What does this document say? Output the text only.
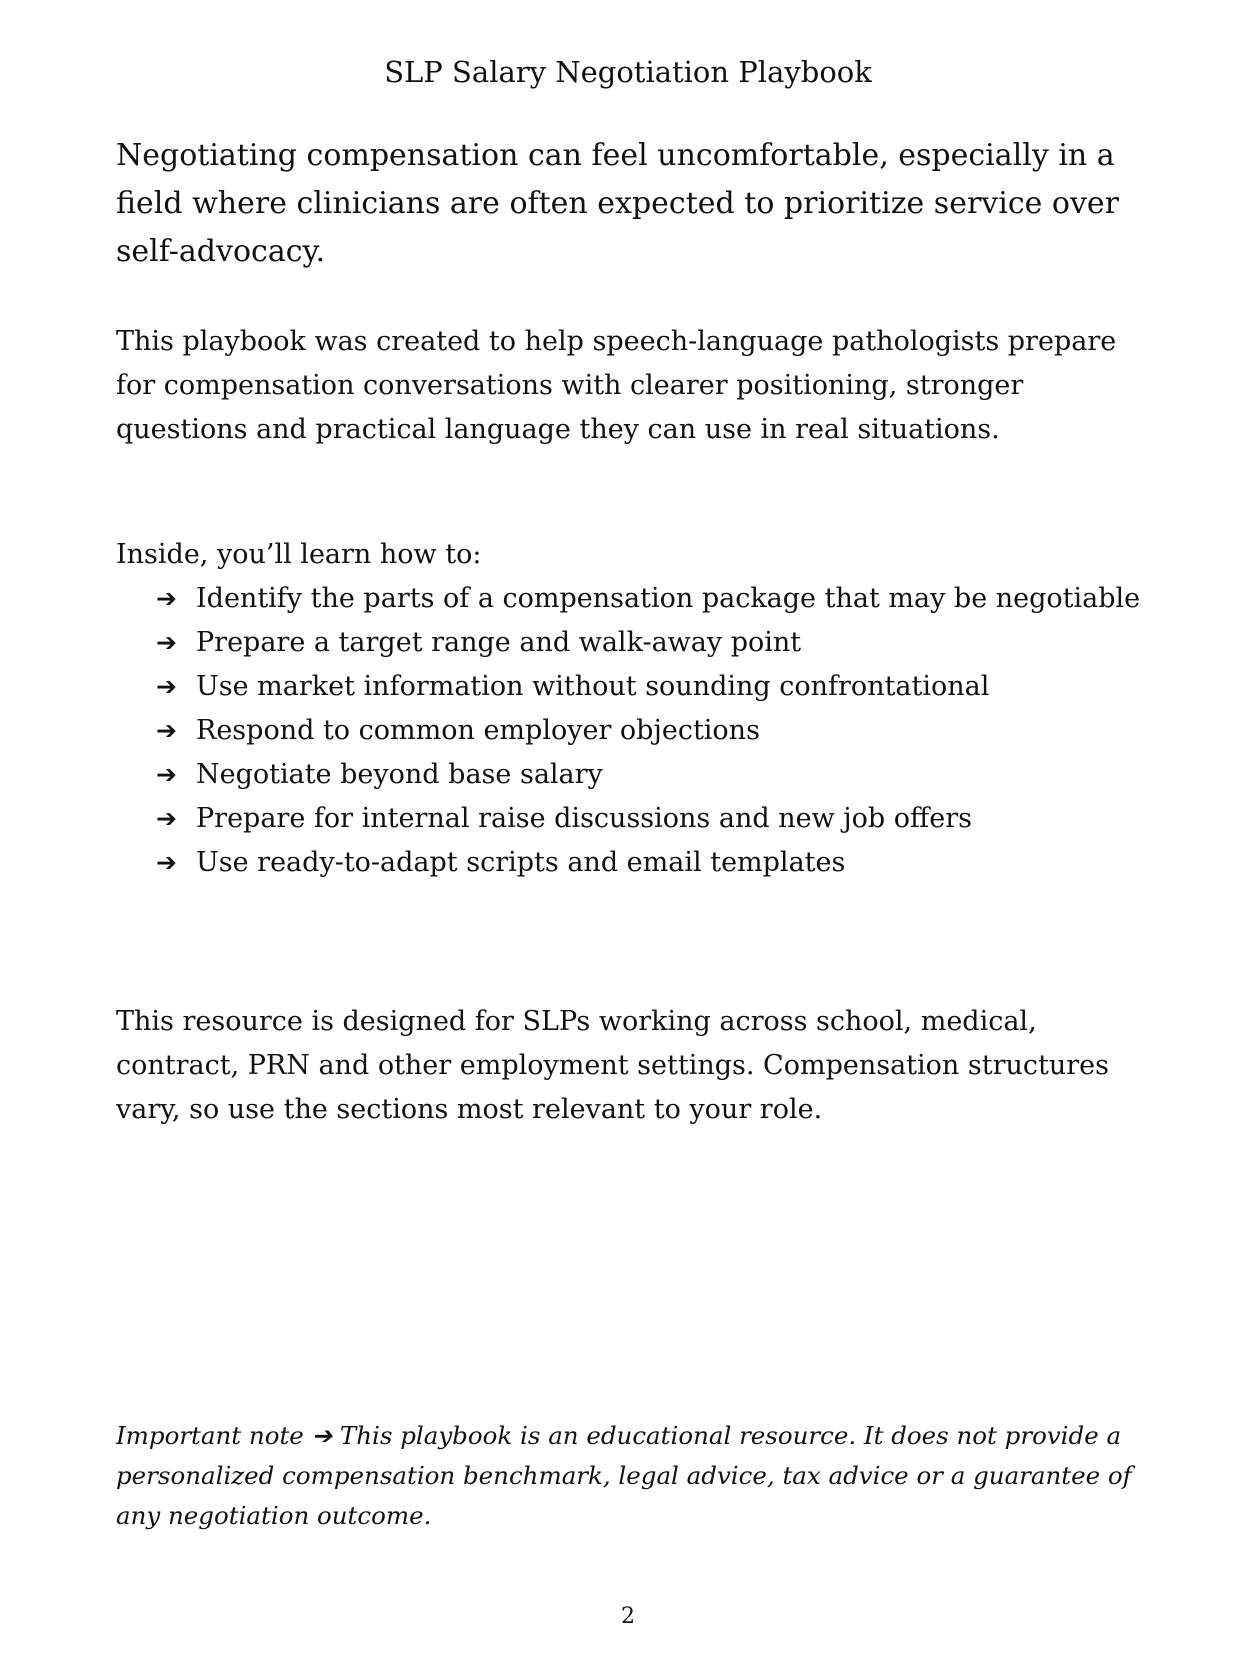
SLP Salary Negotiation Playbook

Negotiating compensation can feel uncomfortable, especially in a field where clinicians are often expected to prioritize service over self-advocacy.

This playbook was created to help speech-language pathologists prepare for compensation conversations with clearer positioning, stronger questions and practical language they can use in real situations.

Inside, you’ll learn how to:
➔ Identify the parts of a compensation package that may be negotiable
➔ Prepare a target range and walk-away point
➔ Use market information without sounding confrontational
➔ Respond to common employer objections
➔ Negotiate beyond base salary
➔ Prepare for internal raise discussions and new job offers
➔ Use ready-to-adapt scripts and email templates

This resource is designed for SLPs working across school, medical, contract, PRN and other employment settings. Compensation structures vary, so use the sections most relevant to your role.

Important note ➔ This playbook is an educational resource. It does not provide a personalized compensation benchmark, legal advice, tax advice or a guarantee of any negotiation outcome.

2
